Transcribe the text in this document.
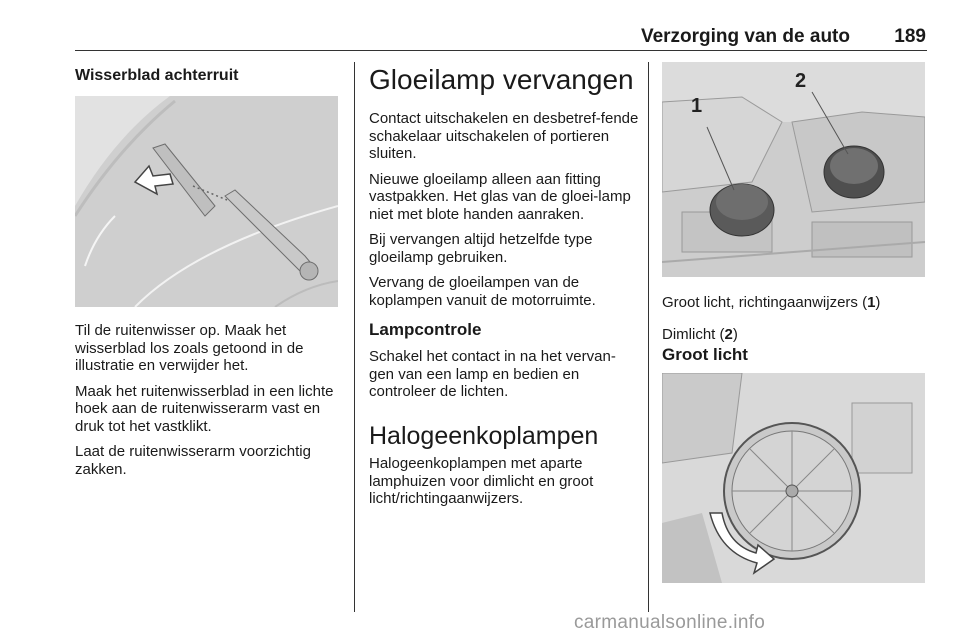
Verzorging van de auto	189
Wisserblad achterruit

Til de ruitenwisser op. Maak het wisserblad los zoals getoond in de illustratie en verwijder het.

Maak het ruitenwisserblad in een lichte hoek aan de ruitenwisserarm vast en druk tot het vastklikt.

Laat de ruitenwisserarm voorzichtig zakken.

Gloeilamp vervangen

Contact uitschakelen en desbetref-fende schakelaar uitschakelen of portieren sluiten.

Nieuwe gloeilamp alleen aan fitting vastpakken. Het glas van de gloei-lamp niet met blote handen aanraken.

Bij vervangen altijd hetzelfde type gloeilamp gebruiken.

Vervang de gloeilampen van de koplampen vanuit de motorruimte.

Lampcontrole

Schakel het contact in na het vervan-gen van een lamp en bedien en controleer de lichten.

Halogeenkoplampen

Halogeenkoplampen met aparte lamphuizen voor dimlicht en groot licht/richtingaanwijzers.

1
2
Groot licht, richtingaanwijzers (1)
Dimlicht (2)
Groot licht
carmanualsonline.info
